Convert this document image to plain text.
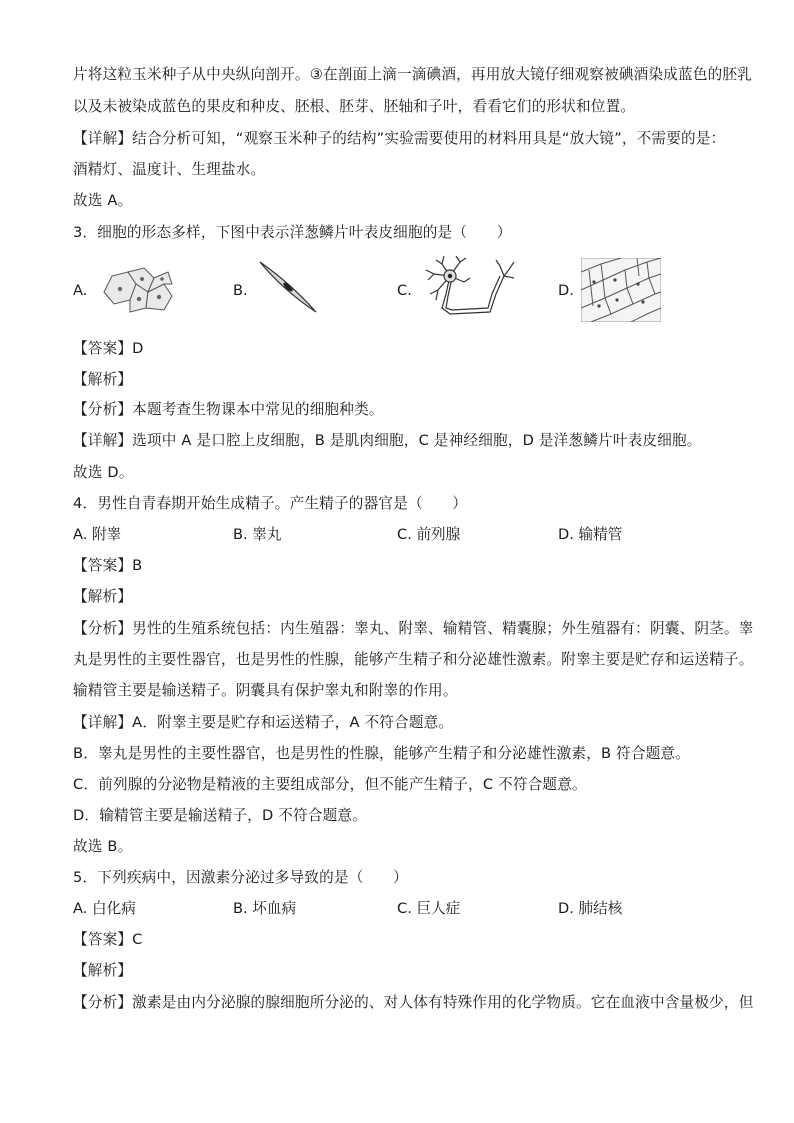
片将这粒玉米种子从中央纵向剖开。③在剖面上滴一滴碘酒，再用放大镜仔细观察被碘酒染成蓝色的胚乳
以及未被染成蓝色的果皮和种皮、胚根、胚芽、胚轴和子叶，看看它们的形状和位置。
【详解】结合分析可知，“观察玉米种子的结构”实验需要使用的材料用具是“放大镜”，不需要的是：
酒精灯、温度计、生理盐水。
故选 A。
3．细胞的形态多样，下图中表示洋葱鳞片叶表皮细胞的是（　　）
A.	B.	C.	D.
【答案】D
【解析】
【分析】本题考查生物课本中常见的细胞种类。
【详解】选项中 A 是口腔上皮细胞，B 是肌肉细胞，C 是神经细胞，D 是洋葱鳞片叶表皮细胞。
故选 D。
4．男性自青春期开始生成精子。产生精子的器官是（　　）
A. 附睾	B. 睾丸	C. 前列腺	D. 输精管
【答案】B
【解析】
【分析】男性的生殖系统包括：内生殖器：睾丸、附睾、输精管、精囊腺；外生殖器有：阴囊、阴茎。睾
丸是男性的主要性器官，也是男性的性腺，能够产生精子和分泌雄性激素。附睾主要是贮存和运送精子。
输精管主要是输送精子。阴囊具有保护睾丸和附睾的作用。
【详解】A．附睾主要是贮存和运送精子，A 不符合题意。
B．睾丸是男性的主要性器官，也是男性的性腺，能够产生精子和分泌雄性激素，B 符合题意。
C．前列腺的分泌物是精液的主要组成部分，但不能产生精子，C 不符合题意。
D．输精管主要是输送精子，D 不符合题意。
故选 B。
5．下列疾病中，因激素分泌过多导致的是（　　）
A. 白化病	B. 坏血病	C. 巨人症	D. 肺结核
【答案】C
【解析】
【分析】激素是由内分泌腺的腺细胞所分泌的、对人体有特殊作用的化学物质。它在血液中含量极少，但
